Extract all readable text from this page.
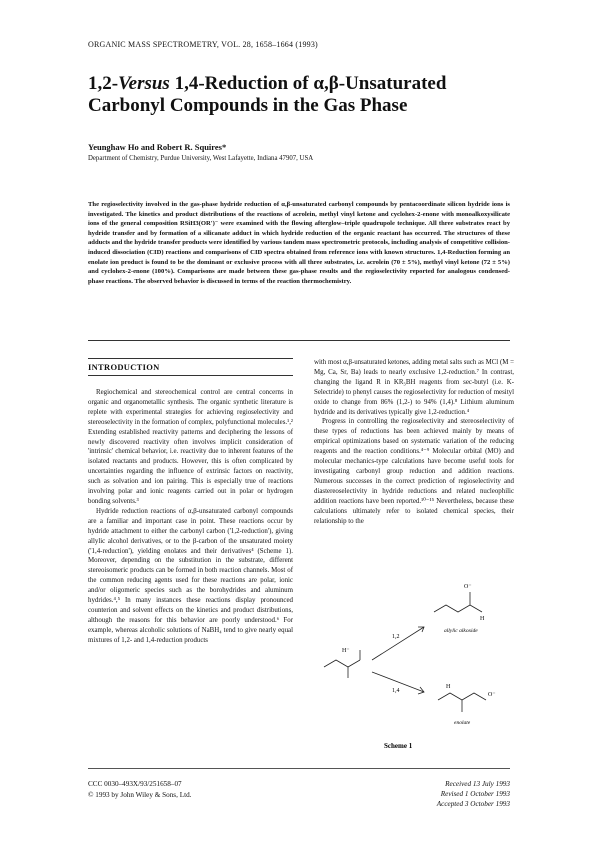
ORGANIC MASS SPECTROMETRY, VOL. 28, 1658–1664 (1993)
1,2-Versus 1,4-Reduction of α,β-Unsaturated Carbonyl Compounds in the Gas Phase
Yeunghaw Ho and Robert R. Squires*
Department of Chemistry, Purdue University, West Lafayette, Indiana 47907, USA
The regioselectivity involved in the gas-phase hydride reduction of α,β-unsaturated carbonyl compounds by pentacoordinate silicon hydride ions is investigated. The kinetics and product distributions of the reactions of acrolein, methyl vinyl ketone and cyclohex-2-enone with monoalkoxysilicate ions of the general composition RSiH3(OR')⁻ were examined with the flowing afterglow–triple quadrupole technique. All three substrates react by hydride transfer and by formation of a silicanate adduct in which hydride reduction of the organic reactant has occurred. The structures of these adducts and the hydride transfer products were identified by various tandem mass spectrometric protocols, including analysis of competitive collision-induced dissociation (CID) reactions and comparisons of CID spectra obtained from reference ions with known structures. 1,4-Reduction forming an enolate ion product is found to be the dominant or exclusive process with all three substrates, i.e. acrolein (70 ± 5%), methyl vinyl ketone (72 ± 5%) and cyclohex-2-enone (100%). Comparisons are made between these gas-phase results and the regioselectivity reported for analogous condensed-phase reactions. The observed behavior is discussed in terms of the reaction thermochemistry.
INTRODUCTION

Regiochemical and stereochemical control are central concerns in organic and organometallic synthesis. The organic synthetic literature is replete with experimental strategies for achieving regioselectivity and stereoselectivity in the formation of complex, polyfunctional molecules.¹,² Extending established reactivity patterns and deciphering the lessons of newly discovered reactivity often involves implicit consideration of 'intrinsic' chemical behavior, i.e. reactivity due to inherent features of the isolated reactants and products. However, this is often complicated by uncertainties regarding the influence of extrinsic factors on reactivity, such as solvation and ion pairing. This is especially true of reactions involving polar and ionic reagents carried out in polar or hydrogen bonding solvents.³

Hydride reduction reactions of α,β-unsaturated carbonyl compounds are a familiar and important case in point. These reactions occur by hydride attachment to either the carbonyl carbon ('1,2-reduction'), giving allylic alcohol derivatives, or to the β-carbon of the unsaturated moiety ('1,4-reduction'), yielding enolates and their derivatives⁴ (Scheme 1). Moreover, depending on the substitution in the substrate, different stereoisomeric products can be formed in both reaction channels. Most of the common reducing agents used for these reactions are polar, ionic and/or oligomeric species such as the borohydrides and aluminum hydrides.⁴,⁵ In many instances these reactions display pronounced counterion and solvent effects on the kinetics and product distributions, although the reasons for this behavior are poorly understood.⁶ For example, whereas alcoholic solutions of NaBH₄ tend to give nearly equal mixtures of 1,2- and 1,4-reduction products

with most α,β-unsaturated ketones, adding metal salts such as MCl (M = Mg, Ca, Sr, Ba) leads to nearly exclusive 1,2-reduction.⁷ In contrast, changing the ligand R in KR₃BH reagents from sec-butyl (i.e. K-Selectride) to phenyl causes the regioselectivity for reduction of mesityl oxide to change from 86% (1,2-) to 94% (1,4).⁸ Lithium aluminum hydride and its derivatives typically give 1,2-reduction.⁴

Progress in controlling the regioselectivity and stereoselectivity of these types of reductions has been achieved mainly by means of empirical optimizations based on systematic variation of the reducing reagents and the reaction conditions.⁴⁻⁹ Molecular orbital (MO) and molecular mechanics-type calculations have become useful tools for investigating carbonyl group reduction and addition reactions. Numerous successes in the correct prediction of regioselectivity and diastereoselectivity in hydride reductions and related nucleophilic addition reactions have been reported.¹⁰⁻¹⁵ Nevertheless, because these calculations ultimately refer to isolated chemical species, their relationship to the

H⁻
1,2
1,4
O⁻
H
allylic alkoxide
H
O⁻
enolate
Scheme 1
CCC 0030–493X/93/251658–07
© 1993 by John Wiley & Sons, Ltd.
Received 13 July 1993
Revised 1 October 1993
Accepted 3 October 1993
